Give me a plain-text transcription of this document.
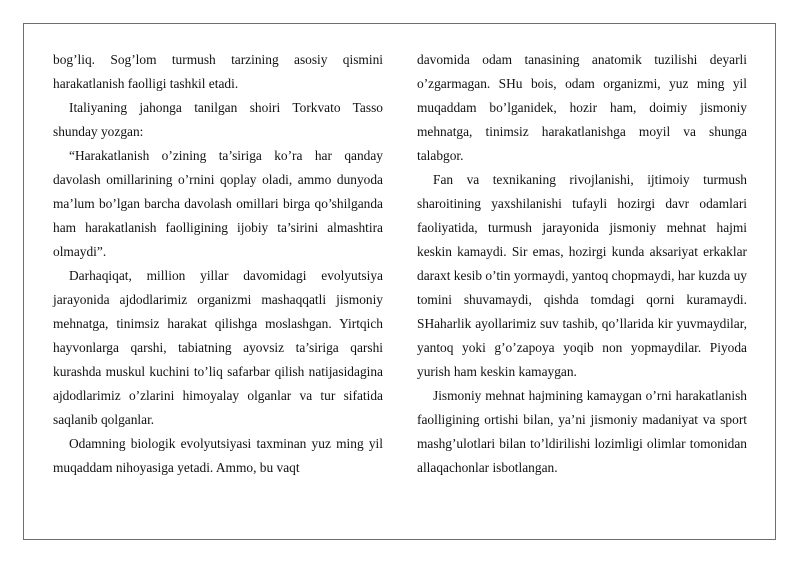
bog’liq. Sog’lom turmush tarzining asosiy qismini harakatlanish faolligi tashkil etadi.

Italiyaning jahonga tanilgan shoiri Torkvato Tasso shunday yozgan:

“Harakatlanish o’zining ta’siriga ko’ra har qanday davolash omillarining o’rnini qoplay oladi, ammo dunyoda ma’lum bo’lgan barcha davolash omillari birga qo’shilganda ham harakatlanish faolligining ijobiy ta’sirini almashtira olmaydi”.

Darhaqiqat, million yillar davomidagi evolyutsiya jarayonida ajdodlarimiz organizmi mashaqqatli jismoniy mehnatga, tinimsiz harakat qilishga moslashgan. Yirtqich hayvonlarga qarshi, tabiatning ayovsiz ta’siriga qarshi kurashda muskul kuchini to’liq safarbar qilish natijasidagina ajdodlarimiz o’zlarini himoyalay olganlar va tur sifatida saqlanib qolganlar.

Odamning biologik evolyutsiyasi taxminan yuz ming yil muqaddam nihoyasiga yetadi. Ammo, bu vaqt

davomida odam tanasining anatomik tuzilishi deyarli o’zgarmagan. SHu bois, odam organizmi, yuz ming yil muqaddam bo’lganidek, hozir ham, doimiy jismoniy mehnatga, tinimsiz harakatlanishga moyil va shunga talabgor.

Fan va texnikaning rivojlanishi, ijtimoiy turmush sharoitining yaxshilanishi tufayli hozirgi davr odamlari faoliyatida, turmush jarayonida jismoniy mehnat hajmi keskin kamaydi. Sir emas, hozirgi kunda aksariyat erkaklar daraxt kesib o’tin yormaydi, yantoq chopmaydi, har kuzda uy tomini shuvamaydi, qishda tomdagi qorni kuramaydi. SHaharlik ayollarimiz suv tashib, qo’llarida kir yuvmaydilar, yantoq yoki g’o’zapoya yoqib non yopmaydilar. Piyoda yurish ham keskin kamaygan.

Jismoniy mehnat hajmining kamaygan o’rni harakatlanish faolligining ortishi bilan, ya’ni jismoniy madaniyat va sport mashg’ulotlari bilan to’ldirilishi lozimligi olimlar tomonidan allaqachonlar isbotlangan.
